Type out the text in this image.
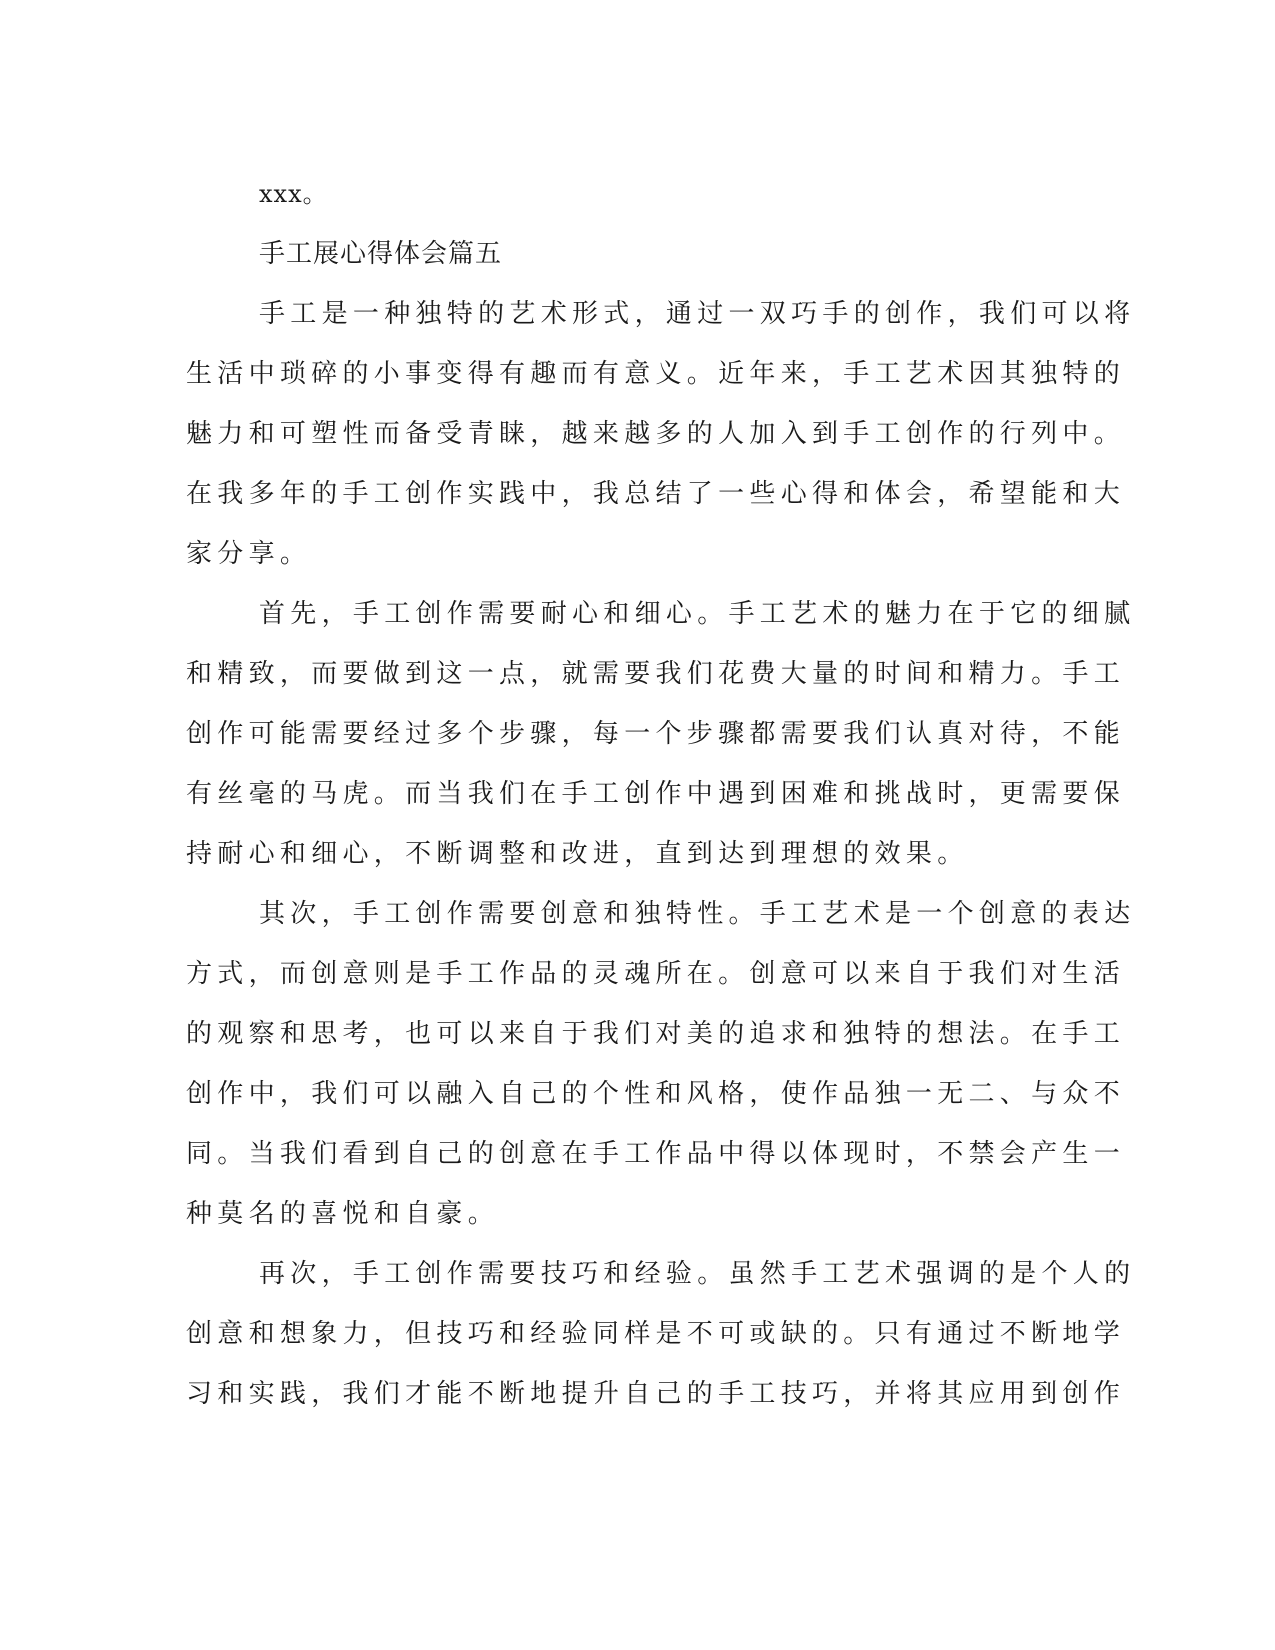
xxx。

手工展心得体会篇五

手工是一种独特的艺术形式，通过一双巧手的创作，我们可以将

生活中琐碎的小事变得有趣而有意义。近年来，手工艺术因其独特的

魅力和可塑性而备受青睐，越来越多的人加入到手工创作的行列中。

在我多年的手工创作实践中，我总结了一些心得和体会，希望能和大

家分享。

首先，手工创作需要耐心和细心。手工艺术的魅力在于它的细腻

和精致，而要做到这一点，就需要我们花费大量的时间和精力。手工

创作可能需要经过多个步骤，每一个步骤都需要我们认真对待，不能

有丝毫的马虎。而当我们在手工创作中遇到困难和挑战时，更需要保

持耐心和细心，不断调整和改进，直到达到理想的效果。

其次，手工创作需要创意和独特性。手工艺术是一个创意的表达

方式，而创意则是手工作品的灵魂所在。创意可以来自于我们对生活

的观察和思考，也可以来自于我们对美的追求和独特的想法。在手工

创作中，我们可以融入自己的个性和风格，使作品独一无二、与众不

同。当我们看到自己的创意在手工作品中得以体现时，不禁会产生一

种莫名的喜悦和自豪。

再次，手工创作需要技巧和经验。虽然手工艺术强调的是个人的

创意和想象力，但技巧和经验同样是不可或缺的。只有通过不断地学

习和实践，我们才能不断地提升自己的手工技巧，并将其应用到创作
